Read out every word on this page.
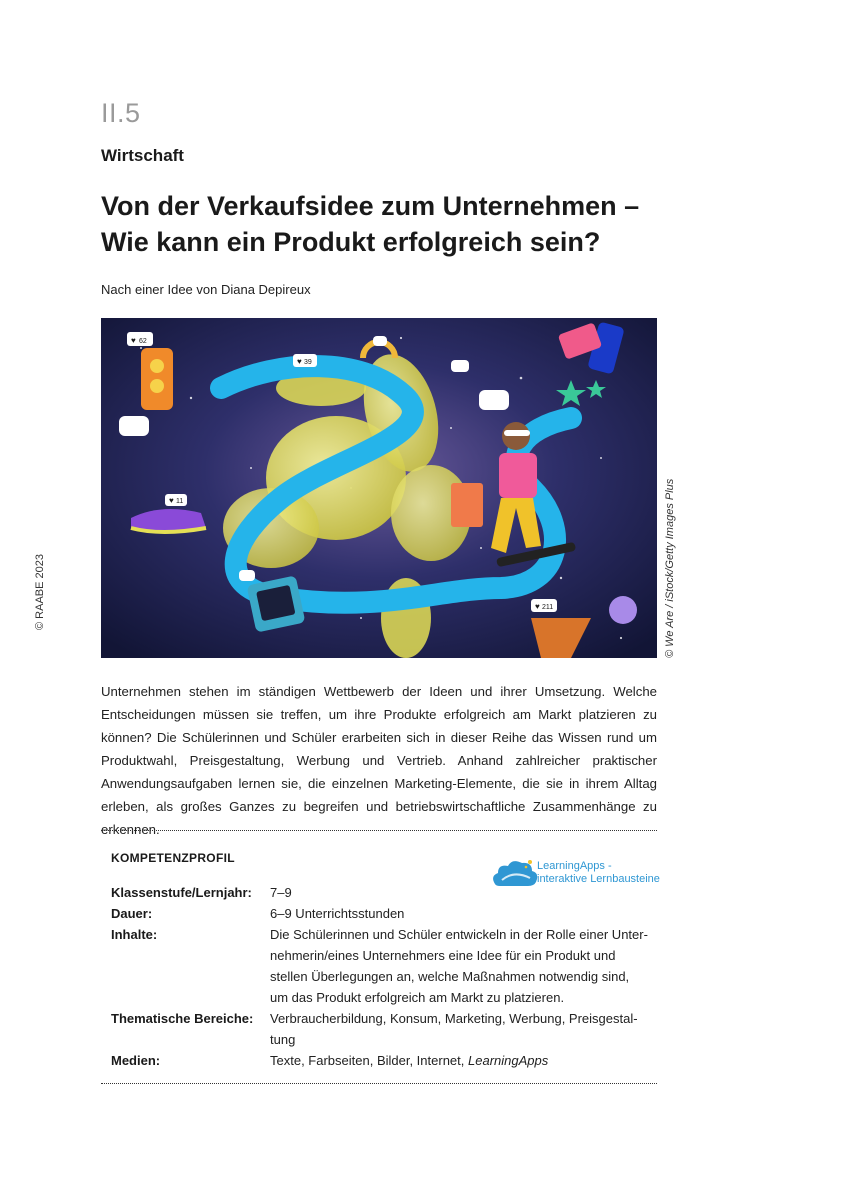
II.5
Wirtschaft
Von der Verkaufsidee zum Unternehmen –
Wie kann ein Produkt erfolgreich sein?
Nach einer Idee von Diana Depireux
© RAABE 2023	© We Are / iStock/Getty Images Plus
♥ 62
♥ 39
♥ 11
♥ 211

Unternehmen stehen im ständigen Wettbewerb der Ideen und ihrer Umsetzung. Welche Entscheidungen müssen sie treffen, um ihre Produkte erfolgreich am Markt platzieren zu können? Die Schülerinnen und Schüler erarbeiten sich in dieser Reihe das Wissen rund um Produktwahl, Preisgestaltung, Werbung und Vertrieb. Anhand zahlreicher praktischer Anwendungsaufgaben lernen sie, die einzelnen Marketing-Elemente, die sie in ihrem Alltag erleben, als großes Ganzes zu begreifen und betriebswirtschaftliche Zusammenhänge zu erkennen.

KOMPETENZPROFIL
LearningApps -
interaktive Lernbausteine
Klassenstufe/Lernjahr:	7–9
Dauer:	6–9 Unterrichtsstunden
Inhalte:	Die Schülerinnen und Schüler entwickeln in der Rolle einer Unternehmerin/eines Unternehmers eine Idee für ein Produkt und stellen Überlegungen an, welche Maßnahmen notwendig sind, um das Produkt erfolgreich am Markt zu platzieren.
Thematische Bereiche:	Verbraucherbildung, Konsum, Marketing, Werbung, Preisgestaltung
Medien:	Texte, Farbseiten, Bilder, Internet, LearningApps
